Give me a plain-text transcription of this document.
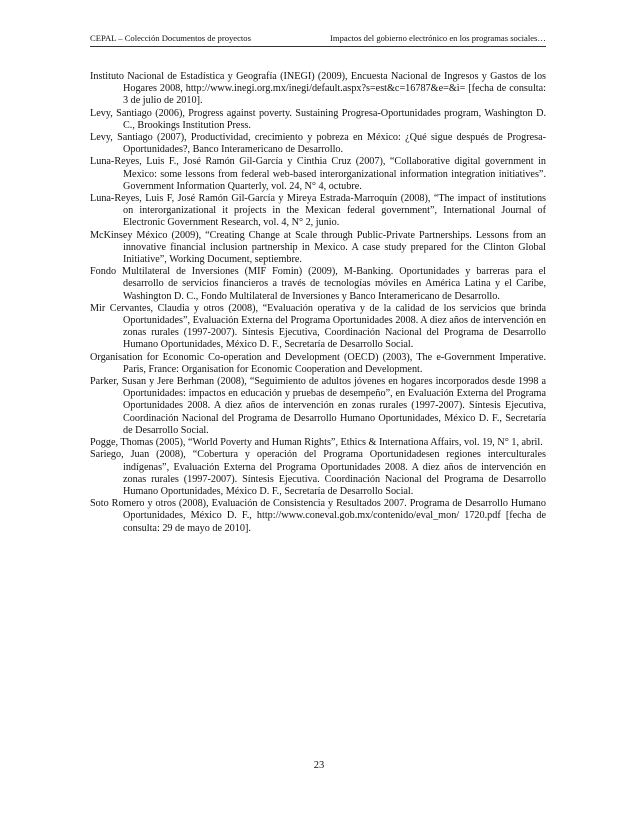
CEPAL – Colección Documentos de proyectos	Impactos del gobierno electrónico en los programas sociales…
Instituto Nacional de Estadística y Geografía (INEGI) (2009), Encuesta Nacional de Ingresos y Gastos de los Hogares 2008, http://www.inegi.org.mx/inegi/default.aspx?s=est&c=16787&e=&i= [fecha de consulta: 3 de julio de 2010].
Levy, Santiago (2006), Progress against poverty. Sustaining Progresa-Oportunidades program, Washington D. C., Brookings Institution Press.
Levy, Santiago (2007), Productividad, crecimiento y pobreza en México: ¿Qué sigue después de Progresa-Oportunidades?, Banco Interamericano de Desarrollo.
Luna-Reyes, Luis F., José Ramón Gil-García y Cinthia Cruz (2007), “Collaborative digital government in Mexico: some lessons from federal web-based interorganizational information integration initiatives”. Government Information Quarterly, vol. 24, N° 4, octubre.
Luna-Reyes, Luis F, José Ramón Gil-García y Mireya Estrada-Marroquín (2008), “The impact of institutions on interorganizational it projects in the Mexican federal government”, International Journal of Electronic Government Research, vol. 4, N° 2, junio.
McKinsey México (2009), “Creating Change at Scale through Public-Private Partnerships. Lessons from an innovative financial inclusion partnership in Mexico. A case study prepared for the Clinton Global Initiative”, Working Document, septiembre.
Fondo Multilateral de Inversiones (MIF Fomin) (2009), M-Banking. Oportunidades y barreras para el desarrollo de servicios financieros a través de tecnologías móviles en América Latina y el Caribe, Washington D. C., Fondo Multilateral de Inversiones y Banco Interamericano de Desarrollo.
Mir Cervantes, Claudia y otros (2008), “Evaluación operativa y de la calidad de los servicios que brinda Oportunidades”, Evaluación Externa del Programa Oportunidades 2008. A diez años de intervención en zonas rurales (1997-2007). Síntesis Ejecutiva, Coordinación Nacional del Programa de Desarrollo Humano Oportunidades, México D. F., Secretaría de Desarrollo Social.
Organisation for Economic Co-operation and Development (OECD) (2003), The e-Government Imperative. Paris, France: Organisation for Economic Cooperation and Development.
Parker, Susan y Jere Berhman (2008), “Seguimiento de adultos jóvenes en hogares incorporados desde 1998 a Oportunidades: impactos en educación y pruebas de desempeño”, en Evaluación Externa del Programa Oportunidades 2008. A diez años de intervención en zonas rurales (1997-2007). Síntesis Ejecutiva, Coordinación Nacional del Programa de Desarrollo Humano Oportunidades, México D. F., Secretaría de Desarrollo Social.
Pogge, Thomas (2005), “World Poverty and Human Rights”, Ethics & Internationa Affairs, vol. 19, N° 1, abril.
Sariego, Juan (2008), “Cobertura y operación del Programa Oportunidadesen regiones interculturales indígenas”, Evaluación Externa del Programa Oportunidades 2008. A diez años de intervención en zonas rurales (1997-2007). Síntesis Ejecutiva. Coordinación Nacional del Programa de Desarrollo Humano Oportunidades, México D. F., Secretaría de Desarrollo Social.
Soto Romero y otros (2008), Evaluación de Consistencia y Resultados 2007. Programa de Desarrollo Humano Oportunidades, México D. F., http://www.coneval.gob.mx/contenido/eval_mon/ 1720.pdf [fecha de consulta: 29 de mayo de 2010].
23
